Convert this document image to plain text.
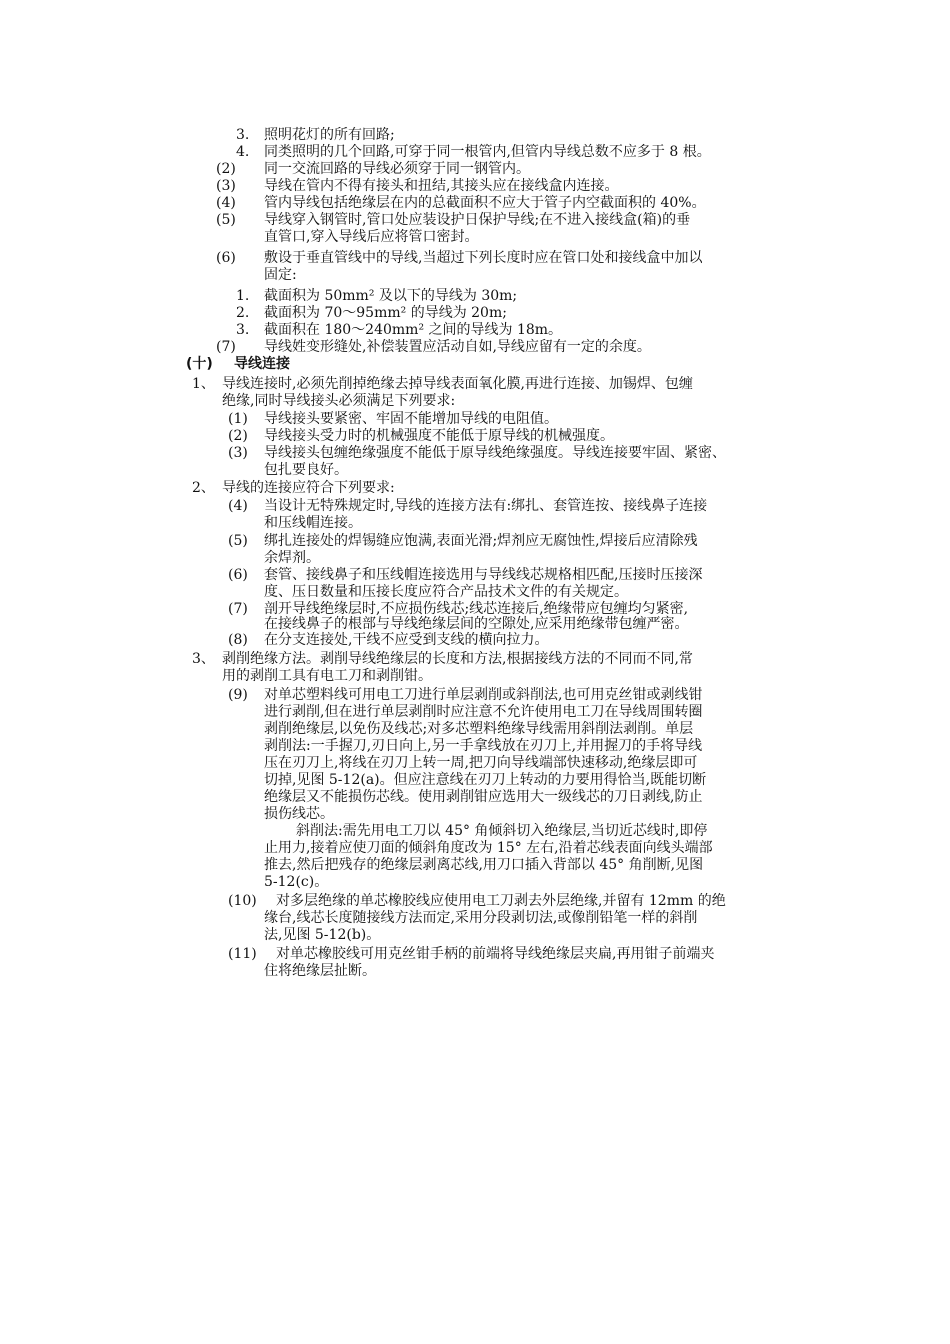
3. 照明花灯的所有回路;
4. 同类照明的几个回路,可穿于同一根管内,但管内导线总数不应多于 8 根。
(2) 同一交流回路的导线必须穿于同一钢管内。
(3) 导线在管内不得有接头和扭结,其接头应在接线盒内连接。
(4) 管内导线包括绝缘层在内的总截面积不应大于管子内空截面积的 40%。
(5) 导线穿入钢管时,管口处应装设护日保护导线;在不进入接线盒(箱)的垂
直管口,穿入导线后应将管口密封。
(6) 敷设于垂直管线中的导线,当超过下列长度时应在管口处和接线盒中加以
固定:
1. 截面积为 50mm² 及以下的导线为 30m;
2. 截面积为 70～95mm² 的导线为 20m;
3. 截面积在 180～240mm² 之间的导线为 18m。
(7) 导线姓变形缝处,补偿装置应活动自如,导线应留有一定的余度。
(十) 导线连接
1、 导线连接时,必须先削掉绝缘去掉导线表面氧化膜,再进行连接、加锡焊、包缠
绝缘,同时导线接头必须满足下列要求:
(1) 导线接头要紧密、牢固不能增加导线的电阻值。
(2) 导线接头受力时的机械强度不能低于原导线的机械强度。
(3) 导线接头包缠绝缘强度不能低于原导线绝缘强度。导线连接要牢固、紧密、
包扎要良好。
2、 导线的连接应符合下列要求:
(4) 当设计无特殊规定时,导线的连接方法有:绑扎、套管连按、接线鼻子连接
和压线帽连接。
(5) 绑扎连接处的焊锡缝应饱满,表面光滑;焊剂应无腐蚀性,焊接后应清除残
余焊剂。
(6) 套管、接线鼻子和压线帽连接选用与导线线芯规格相匹配,压接时压接深
度、压日数量和压接长度应符合产品技术文件的有关规定。
(7) 剖开导线绝缘层时,不应损伤线芯;线芯连接后,绝缘带应包缠均匀紧密,
在接线鼻子的根部与导线绝缘层间的空隙处,应采用绝缘带包缠严密。
(8) 在分支连接处,干线不应受到支线的横向拉力。
3、 剥削绝缘方法。剥削导线绝缘层的长度和方法,根据接线方法的不同而不同,常
用的剥削工具有电工刀和剥削钳。
(9) 对单芯塑料线可用电工刀进行单层剥削或斜削法,也可用克丝钳或剥线钳
进行剥削,但在进行单层剥削时应注意不允许使用电工刀在导线周围转圈
剥削绝缘层,以免伤及线芯;对多芯塑料绝缘导线需用斜削法剥削。单层
剥削法:一手握刀,刃日向上,另一手拿线放在刃刀上,并用握刀的手将导线
压在刃刀上,将线在刃刀上转一周,把刀向导线端部快速移动,绝缘层即可
切掉,见图 5-12(a)。但应注意线在刃刀上转动的力要用得恰当,既能切断
绝缘层又不能损伤芯线。使用剥削钳应选用大一级线芯的刀日剥线,防止
损伤线芯。
斜削法:需先用电工刀以 45° 角倾斜切入绝缘层,当切近芯线时,即停
止用力,接着应使刀面的倾斜角度改为 15° 左右,沿着芯线表面向线头端部
推去,然后把残存的绝缘层剥离芯线,用刀口插入背部以 45° 角削断,见图
5-12(c)。
(10) 对多层绝缘的单芯橡胶线应使用电工刀剥去外层绝缘,并留有 12mm 的绝
缘台,线芯长度随接线方法而定,采用分段剥切法,或像削铅笔一样的斜削
法,见图 5-12(b)。
(11) 对单芯橡胶线可用克丝钳手柄的前端将导线绝缘层夹扁,再用钳子前端夹
住将绝缘层扯断。
